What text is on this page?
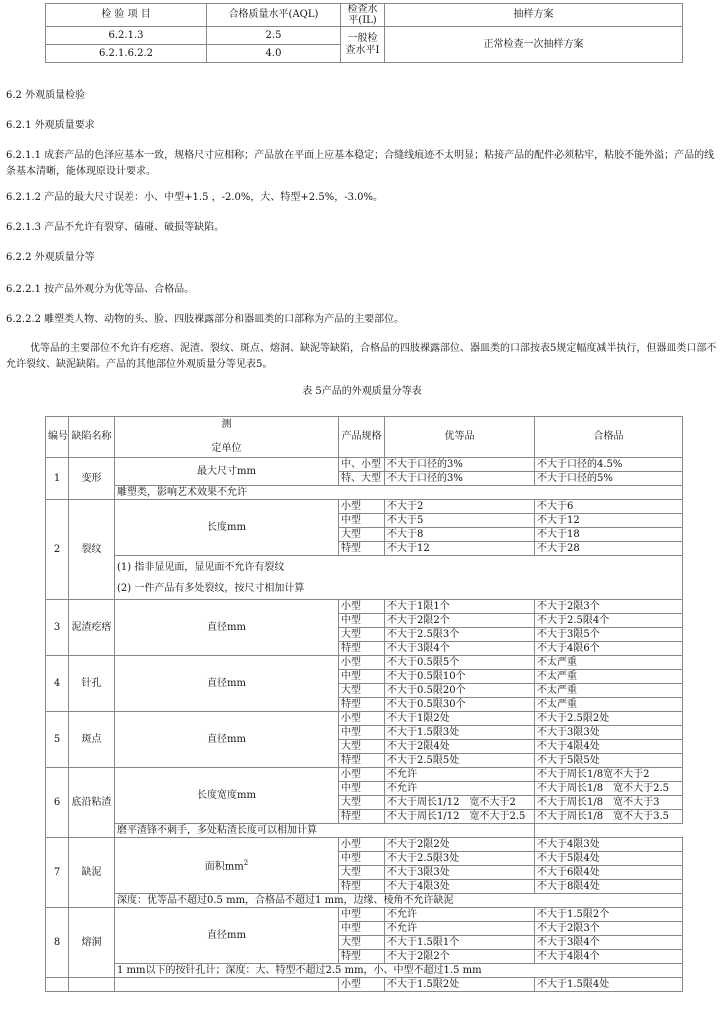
检 验 项 目	合格质量水平(AQL)	检查水平(IL)	抽样方案
6.2.1.3	2.5	一般检查水平Ⅰ	正常检查一次抽样方案
6.2.1.6.2.2	4.0		

6.2 外观质量检验

6.2.1 外观质量要求

6.2.1.1 成套产品的色泽应基本一致，规格尺寸应相称；产品放在平面上应基本稳定；合缝线痕迹不太明显；粘接产品的配件必须粘牢，粘胶不能外溢；产品的线条基本清晰，能体现原设计要求。

6.2.1.2 产品的最大尺寸误差：小、中型+1.5 ，-2.0%，大、特型+2.5%，-3.0%。

6.2.1.3 产品不允许有裂穿、磕碰、破损等缺陷。

6.2.2 外观质量分等

6.2.2.1 按产品外观分为优等品、合格品。

6.2.2.2 雕塑类人物、动物的头、脸、四肢裸露部分和器皿类的口部称为产品的主要部位。

优等品的主要部位不允许有疙瘩、泥渣、裂纹、斑点、熔洞、缺泥等缺陷，合格品的四肢裸露部位、器皿类的口部按表5规定幅度减半执行，但器皿类口部不允许裂纹、缺泥缺陷。产品的其他部位外观质量分等见表5。

表 5产品的外观质量分等表

编号	缺陷名称	测
定单位	产品规格	优等品	合格品
1	变形	最大尺寸mm	中、小型	不大于口径的3%	不大于口径的4.5%
			特、大型	不大于口径的3%	不大于口径的5%
		雕塑类，影响艺术效果不允许			
2	裂纹	长度mm	小型	不大于2	不大于6
			中型	不大于5	不大于12
			大型	不大于8	不大于18
			特型	不大于12	不大于28
		(1) 指非显见面，显见面不允许有裂纹			
		(2) 一件产品有多处裂纹，按尺寸相加计算			
3	泥渣疙瘩	直径mm	小型	不大于1限1个	不大于2限3个
			中型	不大于2限2个	不大于2.5限4个
			大型	不大于2.5限3个	不大于3限5个
			特型	不大于3限4个	不大于4限6个
4	针孔	直径mm	小型	不大于0.5限5个	不太严重
			中型	不大于0.5限10个	不太严重
			大型	不大于0.5限20个	不太严重
			特型	不大于0.5限30个	不太严重
5	斑点	直径mm	小型	不大于1限2处	不大于2.5限2处
			中型	不大于1.5限3处	不大于3限3处
			大型	不大于2限4处	不大于4限4处
			特型	不大于2.5限5处	不大于5限5处
6	底沿粘渣	长度宽度mm	小型	不允许	不大于周长1/8宽不大于2
			中型	不允许	不大于周长1/8　宽不大于2.5
			大型	不大于周长1/12　宽不大于2	不大于周长1/8　宽不大于3
			特型	不大于周长1/12　宽不大于2.5	不大于周长1/8　宽不大于3.5
		磨平渣锋不刺手，多处粘渣长度可以相加计算			
7	缺泥	面积$mm^2$	小型	不大于2限2处	不大于4限3处
			中型	不大于2.5限3处	不大于5限4处
			大型	不大于3限3处	不大于6限4处
			特型	不大于4限3处	不大于8限4处
		深度：优等品不超过0.5 mm，合格品不超过1 mm，边缘、棱角不允许缺泥			
8	熔洞	直径mm	中型	不允许	不大于1.5限2个
			中型	不允许	不大于2限3个
			大型	不大于1.5限1个	不大于3限4个
			特型	不大于2限2个	不大于4限4个
		1 mm以下的按针孔计；深度：大、特型不超过2.5 mm，小、中型不超过1.5 mm			
			小型	不大于1.5限2处	不大于1.5限4处
